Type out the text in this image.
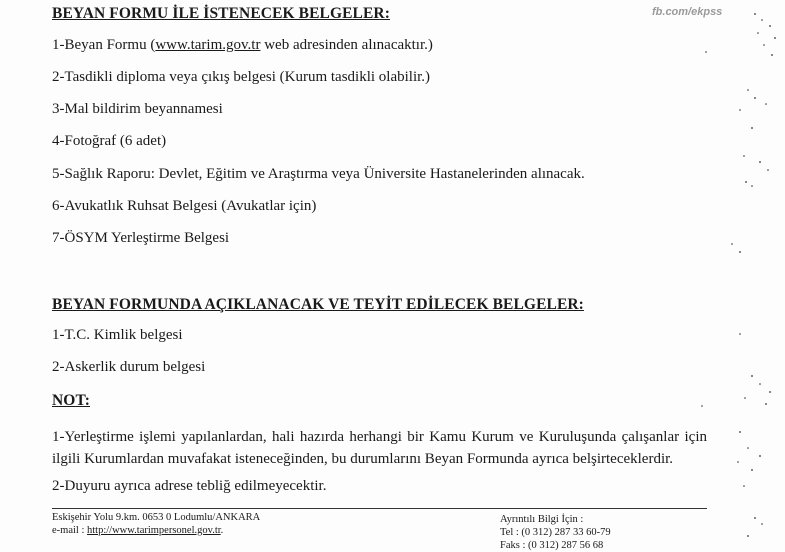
fb.com/ekpss
BEYAN FORMU İLE İSTENECEK BELGELER:
1-Beyan Formu (www.tarim.gov.tr web adresinden alınacaktır.)
2-Tasdikli diploma veya çıkış belgesi (Kurum tasdikli olabilir.)
3-Mal bildirim beyannamesi
4-Fotoğraf (6 adet)
5-Sağlık Raporu: Devlet, Eğitim ve Araştırma veya Üniversite Hastanelerinden alınacak.
6-Avukatlık Ruhsat Belgesi (Avukatlar için)
7-ÖSYM Yerleştirme Belgesi
BEYAN FORMUNDA AÇIKLANACAK VE TEYİT EDİLECEK BELGELER:
1-T.C. Kimlik belgesi
2-Askerlik durum belgesi
NOT:
1-Yerleştirme işlemi yapılanlardan, hali hazırda herhangi bir Kamu Kurum ve Kuruluşunda çalışanlar için ilgili Kurumlardan muvafakat isteneceğinden, bu durumlarını Beyan Formunda ayrıca belşirteceklerdir.
2-Duyuru ayrıca adrese tebliğ edilmeyecektir.
Eskişehir Yolu 9.km. 0653 0 Lodumlu/ANKARA
e-mail : http://www.tarimpersonel.gov.tr.
Ayrıntılı Bilgi İçin :
Tel : (0 312) 287 33 60-79
Faks : (0 312) 287 56 68
